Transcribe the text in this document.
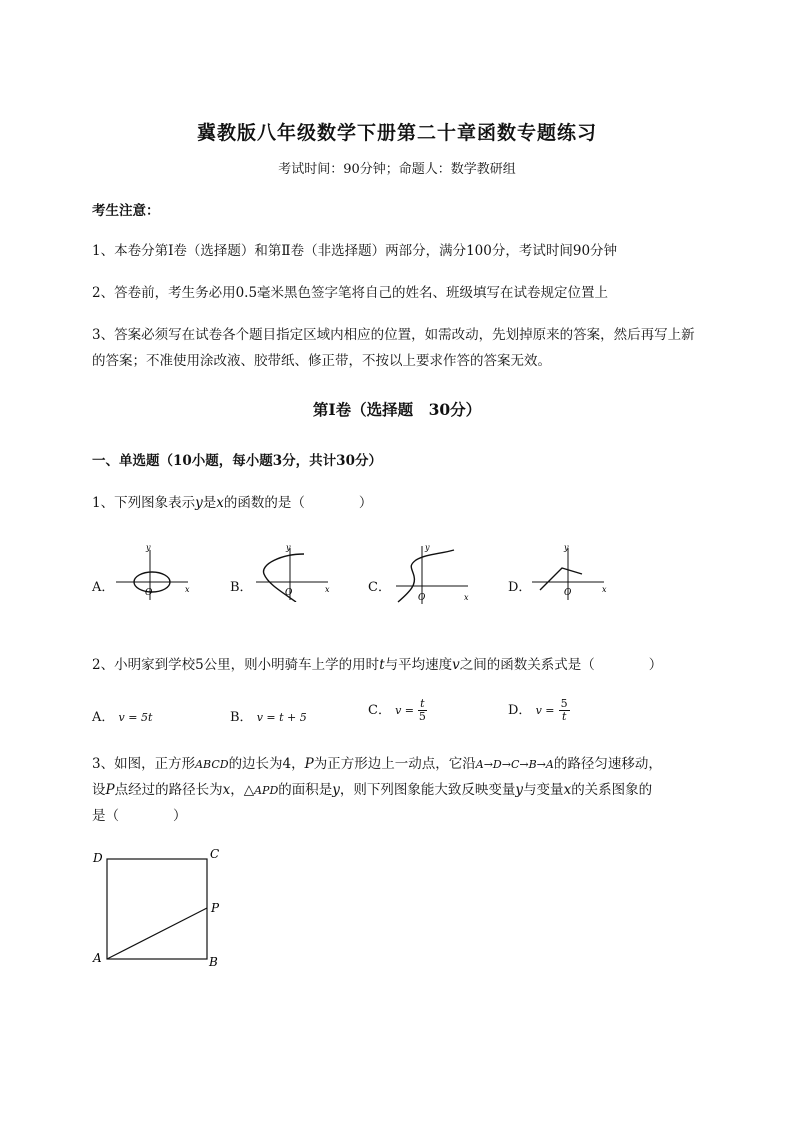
冀教版八年级数学下册第二十章函数专题练习
考试时间：90分钟；命题人：数学教研组
考生注意：
1、本卷分第I卷（选择题）和第Ⅱ卷（非选择题）两部分，满分100分，考试时间90分钟
2、答卷前，考生务必用0.5毫米黑色签字笔将自己的姓名、班级填写在试卷规定位置上
3、答案必须写在试卷各个题目指定区域内相应的位置，如需改动，先划掉原来的答案，然后再写上新
的答案；不准使用涂改液、胶带纸、修正带，不按以上要求作答的答案无效。
第I卷（选择题　30分）
一、单选题（10小题，每小题3分，共计30分）
1、下列图象表示y是x的函数的是（　　　　）
A．
y
x
O	B．
y
x
O	C．
y
x
O
D．
y
x
O
2、小明家到学校5公里，则小明骑车上学的用时t与平均速度v之间的函数关系式是（　　　　）
A． v = 5t	B． v = t + 5	C． $v = \frac{t}{5}$	D． $v = \frac{5}{t}$
3、如图，正方形ABCD的边长为4，P为正方形边上一动点，它沿A→D→C→B→A的路径匀速移动，
设P点经过的路径长为x，△APD的面积是y，则下列图象能大致反映变量y与变量x的关系图象的
是（　　　　）
D	C
P
A	B
